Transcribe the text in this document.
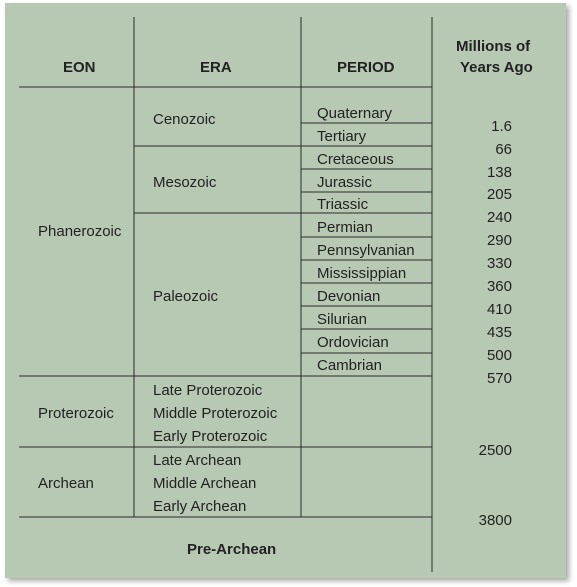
EON	ERA	PERIOD
Millions of
Years Ago
Phanerozoic
Proterozoic
Archean
Pre-Archean
Cenozoic
Mesozoic
Paleozoic
Late Proterozoic
Middle Proterozoic
Early Proterozoic
Late Archean
Middle Archean
Early Archean
Quaternary
Tertiary
Cretaceous
Jurassic
Triassic
Permian
Pennsylvanian
Mississippian
Devonian
Silurian
Ordovician
Cambrian
1.6
66
138
205
240
290
330
360
410
435
500
570
2500
3800
